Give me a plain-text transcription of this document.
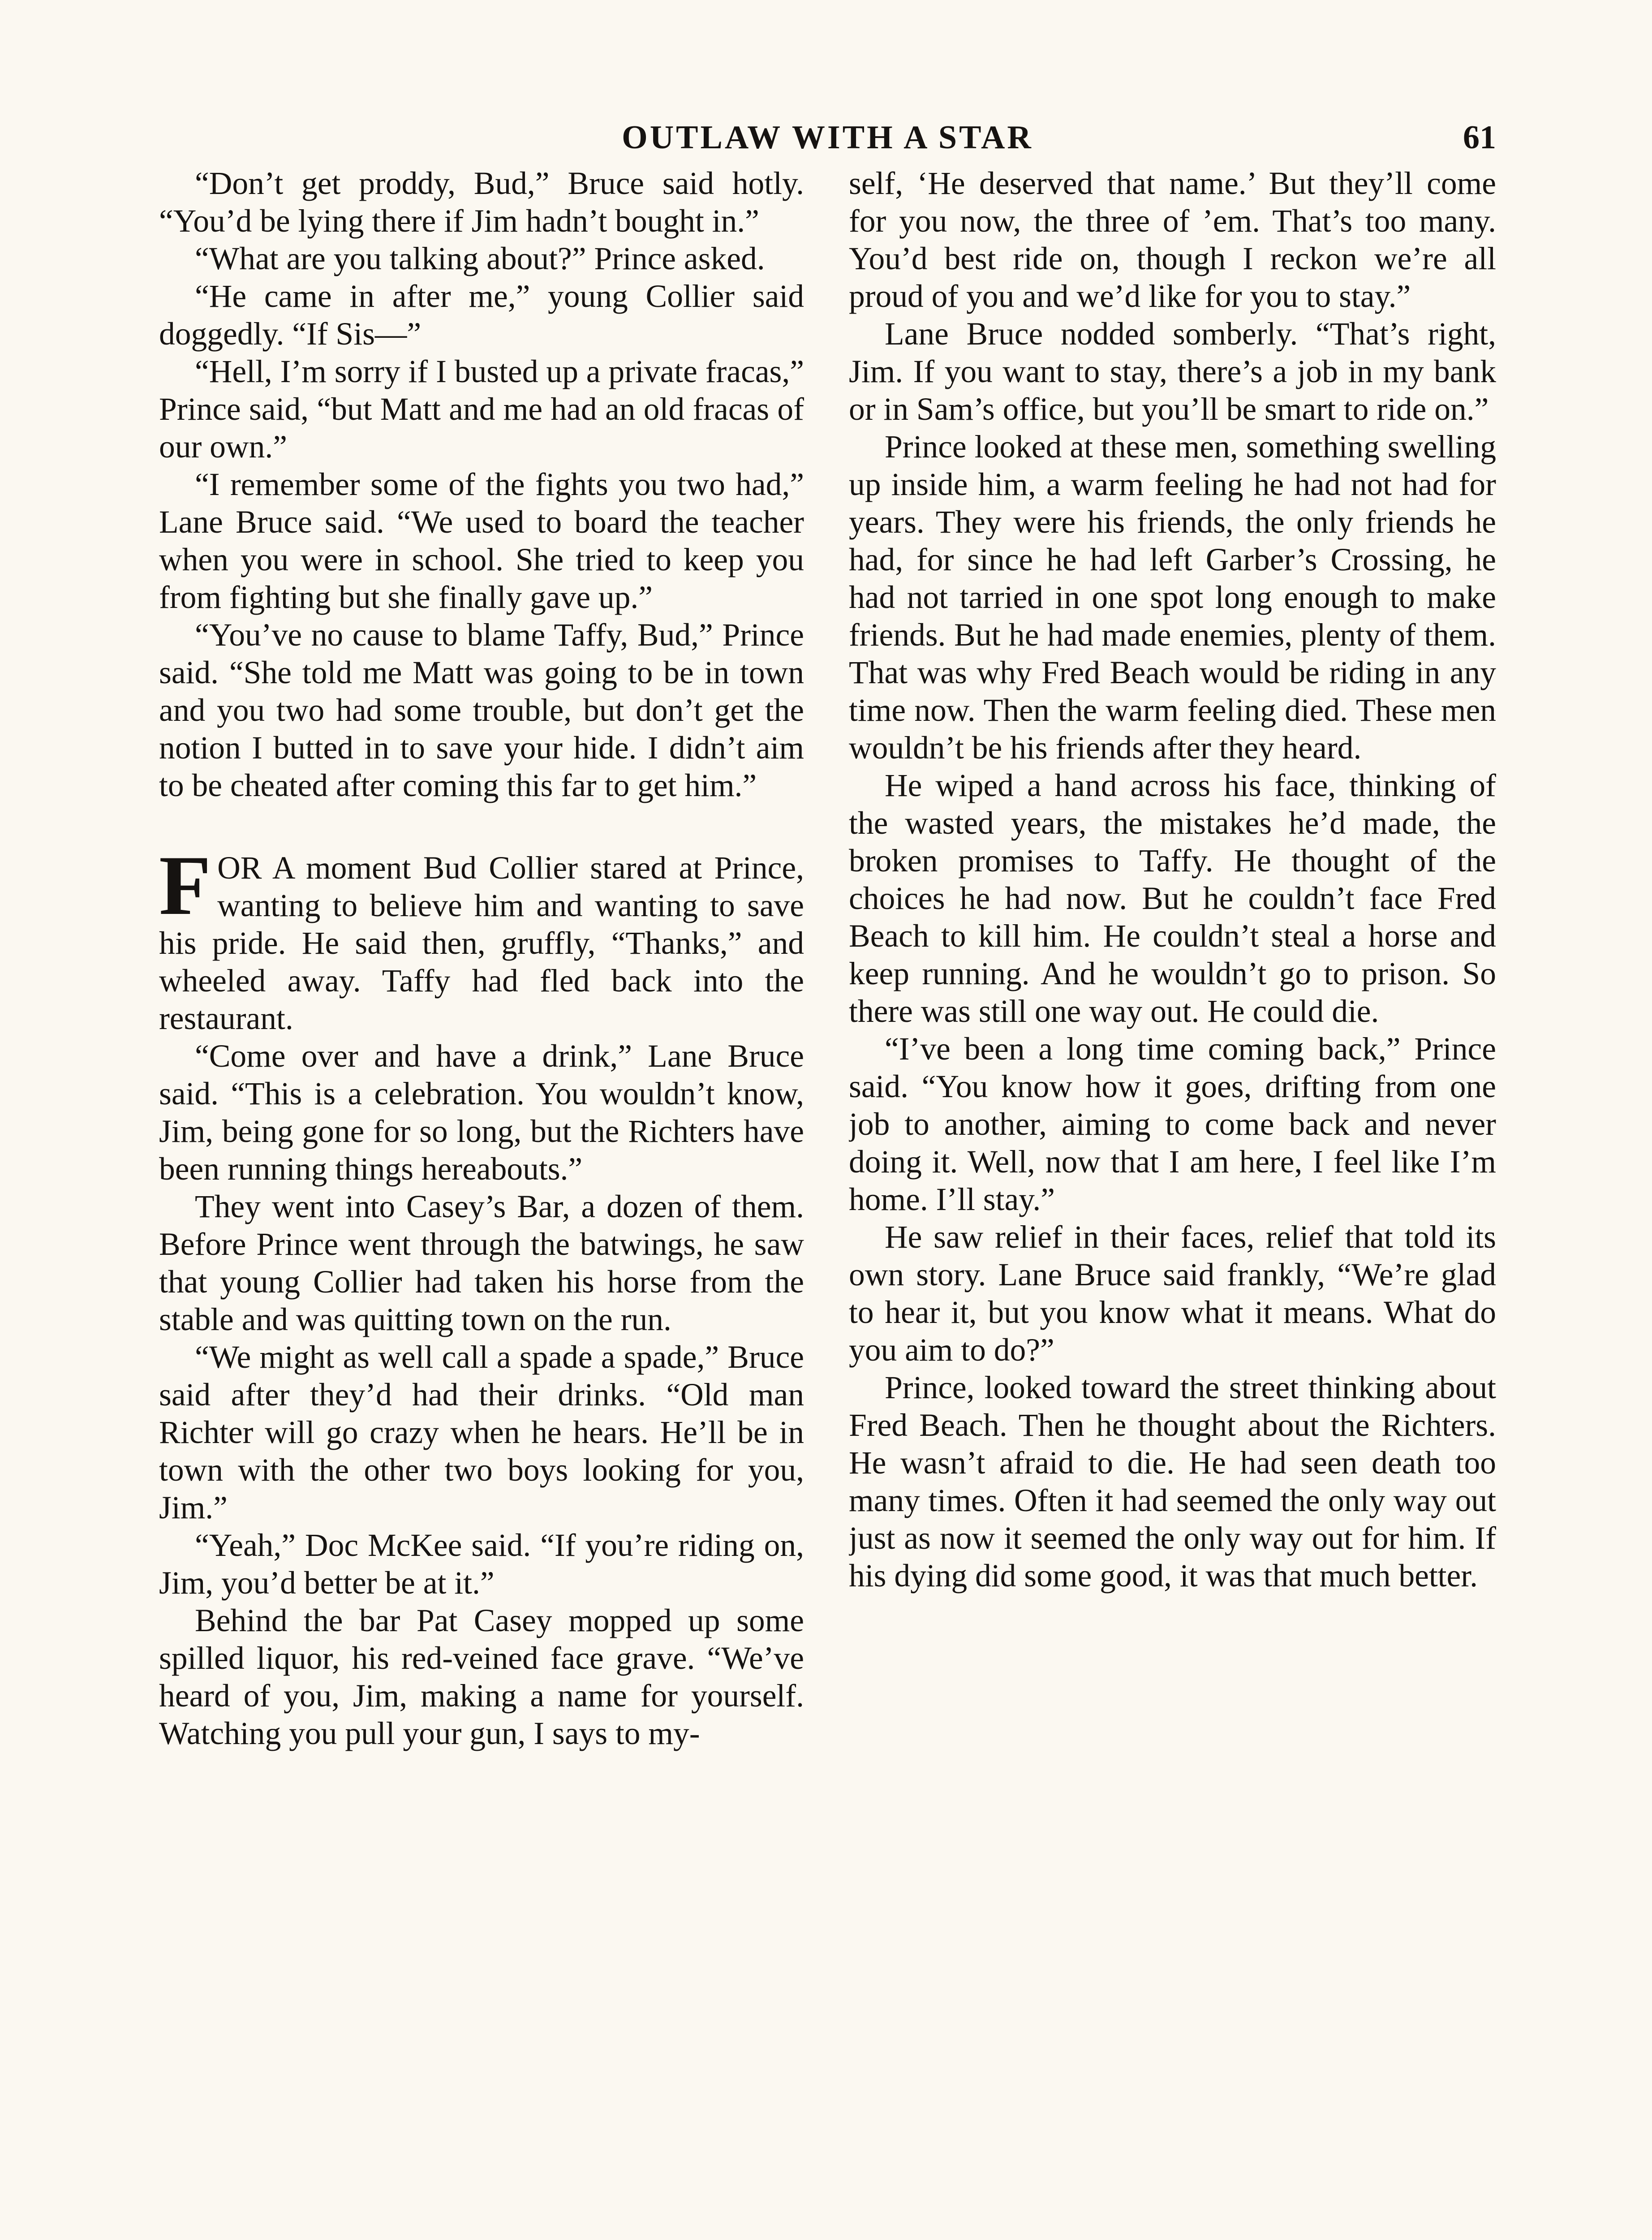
OUTLAW WITH A STAR	61

“Don’t get proddy, Bud,” Bruce said hotly. “You’d be lying there if Jim hadn’t bought in.”

“What are you talking about?” Prince asked.

“He came in after me,” young Collier said doggedly. “If Sis—”

“Hell, I’m sorry if I busted up a private fracas,” Prince said, “but Matt and me had an old fracas of our own.”

“I remember some of the fights you two had,” Lane Bruce said. “We used to board the teacher when you were in school. She tried to keep you from fighting but she finally gave up.”

“You’ve no cause to blame Taffy, Bud,” Prince said. “She told me Matt was going to be in town and you two had some trouble, but don’t get the notion I butted in to save your hide. I didn’t aim to be cheated after coming this far to get him.”

FOR A moment Bud Collier stared at Prince, wanting to believe him and wanting to save his pride. He said then, gruffly, “Thanks,” and wheeled away. Taffy had fled back into the restaurant.

“Come over and have a drink,” Lane Bruce said. “This is a celebration. You wouldn’t know, Jim, being gone for so long, but the Richters have been running things hereabouts.”

They went into Casey’s Bar, a dozen of them. Before Prince went through the batwings, he saw that young Collier had taken his horse from the stable and was quitting town on the run.

“We might as well call a spade a spade,” Bruce said after they’d had their drinks. “Old man Richter will go crazy when he hears. He’ll be in town with the other two boys looking for you, Jim.”

“Yeah,” Doc McKee said. “If you’re riding on, Jim, you’d better be at it.”

Behind the bar Pat Casey mopped up some spilled liquor, his red-veined face grave. “We’ve heard of you, Jim, making a name for yourself. Watching you pull your gun, I says to my-

self, ‘He deserved that name.’ But they’ll come for you now, the three of ’em. That’s too many. You’d best ride on, though I reckon we’re all proud of you and we’d like for you to stay.”

Lane Bruce nodded somberly. “That’s right, Jim. If you want to stay, there’s a job in my bank or in Sam’s office, but you’ll be smart to ride on.”

Prince looked at these men, something swelling up inside him, a warm feeling he had not had for years. They were his friends, the only friends he had, for since he had left Garber’s Crossing, he had not tarried in one spot long enough to make friends. But he had made enemies, plenty of them. That was why Fred Beach would be riding in any time now. Then the warm feeling died. These men wouldn’t be his friends after they heard.

He wiped a hand across his face, thinking of the wasted years, the mistakes he’d made, the broken promises to Taffy. He thought of the choices he had now. But he couldn’t face Fred Beach to kill him. He couldn’t steal a horse and keep running. And he wouldn’t go to prison. So there was still one way out. He could die.

“I’ve been a long time coming back,” Prince said. “You know how it goes, drifting from one job to another, aiming to come back and never doing it. Well, now that I am here, I feel like I’m home. I’ll stay.”

He saw relief in their faces, relief that told its own story. Lane Bruce said frankly, “We’re glad to hear it, but you know what it means. What do you aim to do?”

Prince, looked toward the street thinking about Fred Beach. Then he thought about the Richters. He wasn’t afraid to die. He had seen death too many times. Often it had seemed the only way out just as now it seemed the only way out for him. If his dying did some good, it was that much better.
